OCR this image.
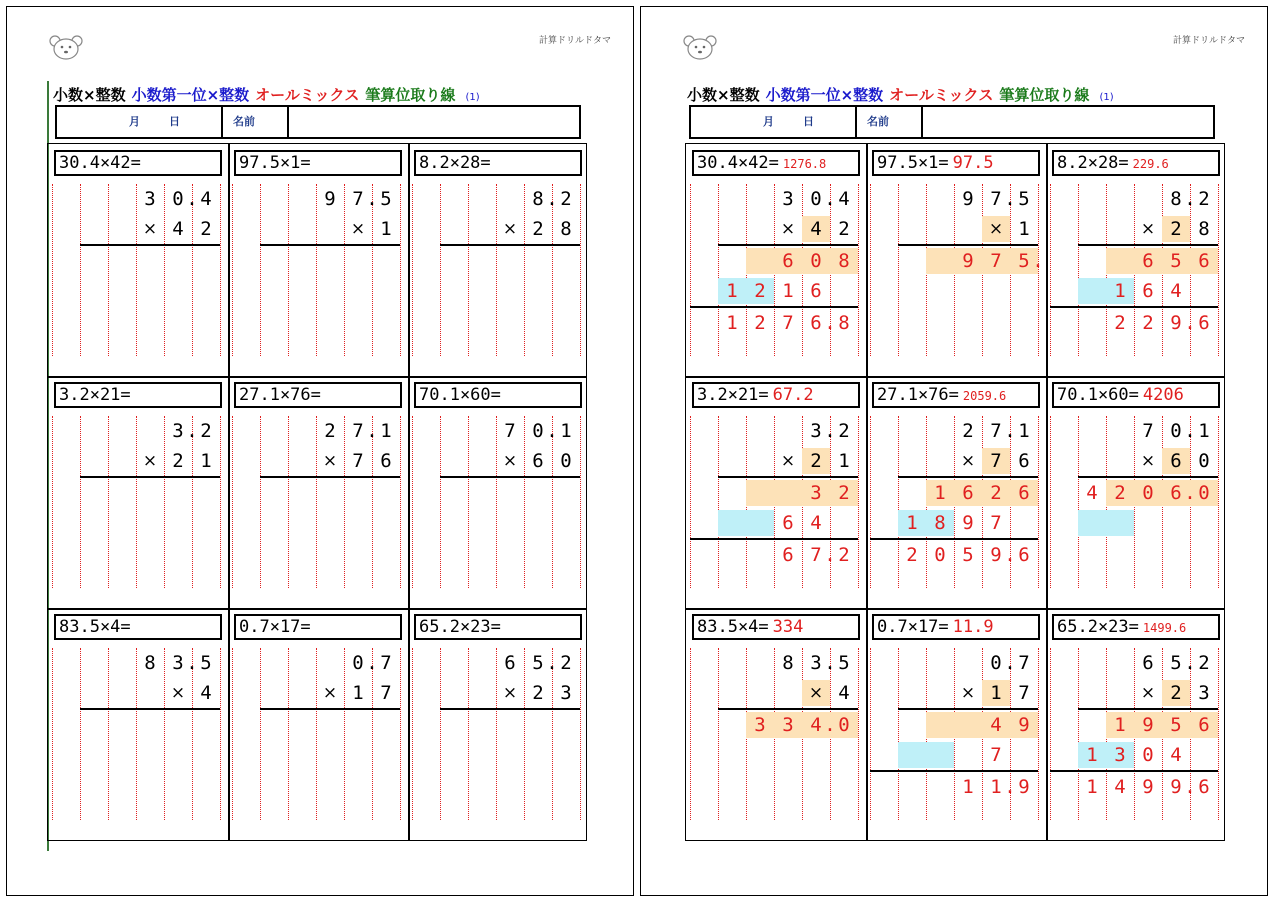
計算ドリルドタマ
小数×整数 小数第一位×整数 オールミックス 筆算位取り線 (1)
月	日	名前
30.4×42=
3 0 4
.
× 4 2
97.5×1=
9 7 5
.
× 1
8.2×28=
8 2
.
× 2 8
3.2×21=
3 2
.
× 2 1
27.1×76=
2 7 1
.
× 7 6
70.1×60=
7 0 1
.
× 6 0
83.5×4=
8 3 5
.
× 4
0.7×17=
0 7
.
× 1 7
65.2×23=
6 5 2
.
× 2 3
計算ドリルドタマ
小数×整数 小数第一位×整数 オールミックス 筆算位取り線 (1)
月	日	名前
30.4×42= 1276.8
3 0 4
.
× 4 2
6 0 8
1 2 1 6
1 2 7 6 8
.
97.5×1= 97.5
9 7 5
.
× 1
9 7 5 .
8.2×28= 229.6
8 2
.
× 2 8
6 5 6
1 6 4
2 2 9 6
.
3.2×21= 67.2
3 2
.
× 2 1
3 2
6 4
6 7 2
.
27.1×76= 2059.6
2 7 1
.
× 7 6
1 6 2 6
1 8 9 7
2 0 5 9 6
.
70.1×60= 4206
7 0 1
.
× 6 0
4 2 0 6 0
.
83.5×4= 334
8 3 5
.
× 4
3 3 4 0
.
0.7×17= 11.9
0 7
.
× 1 7
4 9
7
1 1 9
.
65.2×23= 1499.6
6 5 2
.
× 2 3
1 9 5 6
1 3 0 4
1 4 9 9 6
.
